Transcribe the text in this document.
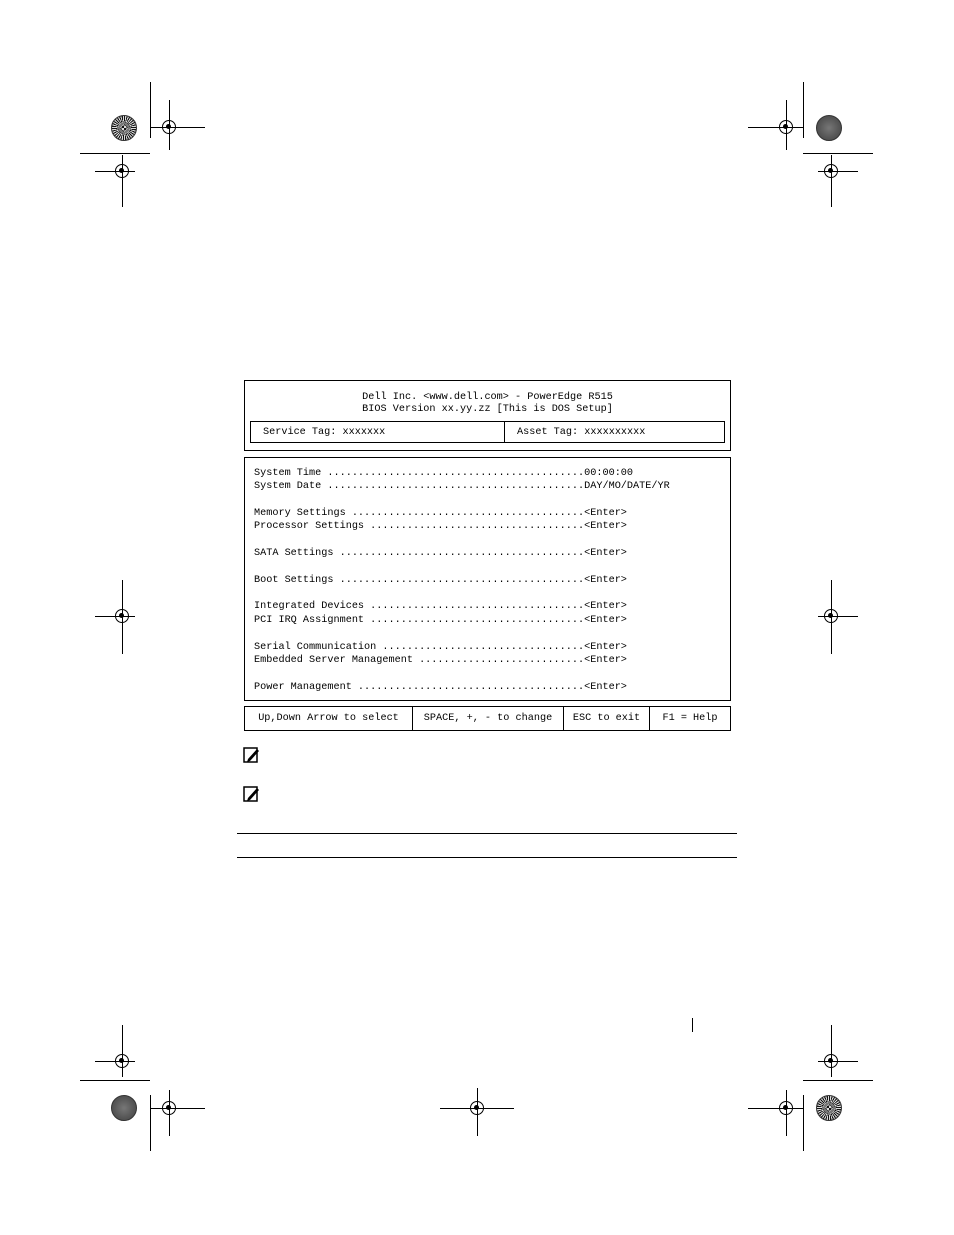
Dell Inc. <www.dell.com> - PowerEdge R515
BIOS Version xx.yy.zz [This is DOS Setup]
Service Tag: xxxxxxx	Asset Tag: xxxxxxxxxx
System Time ..........................................00:00:00
System Date ..........................................DAY/MO/DATE/YR
Memory Settings ......................................<Enter>
Processor Settings ...................................<Enter>
SATA Settings ........................................<Enter>
Boot Settings ........................................<Enter>
Integrated Devices ...................................<Enter>
PCI IRQ Assignment ...................................<Enter>
Serial Communication .................................<Enter>
Embedded Server Management ...........................<Enter>
Power Management .....................................<Enter>
Up,Down Arrow to select	SPACE, +, - to change	ESC to exit	F1 = Help
